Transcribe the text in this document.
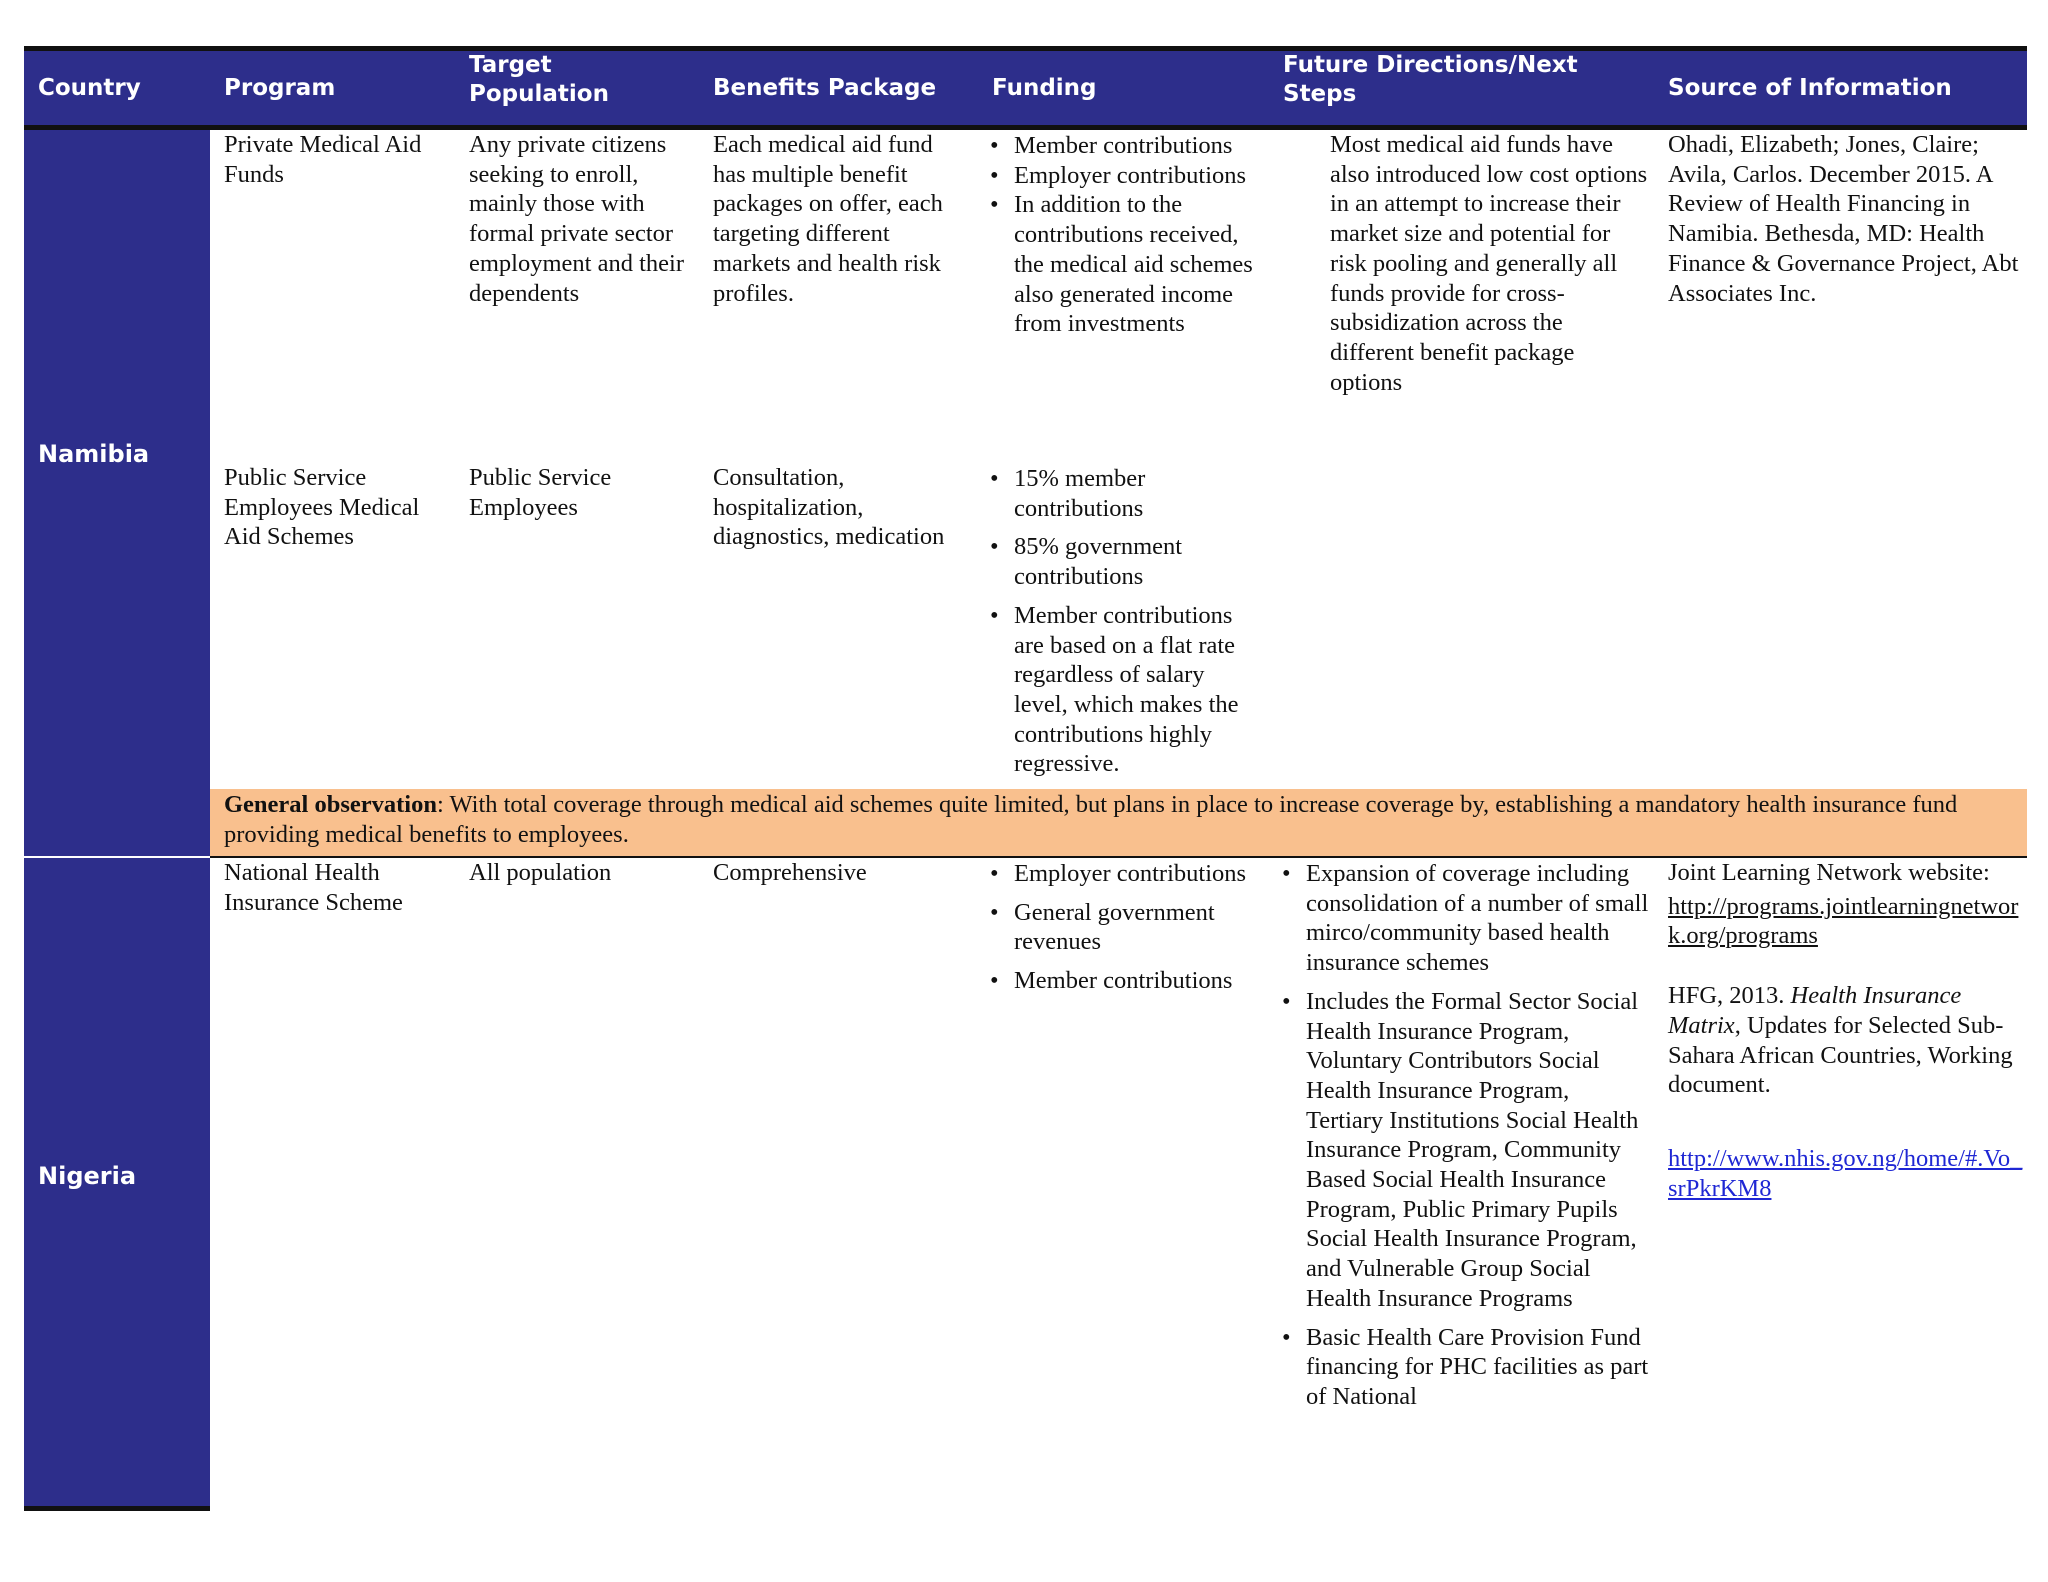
Country	Program
Target
Population	Benefits Package Funding
Future Directions/Next
Steps	Source of Information
Namibia
Nigeria
Private Medical Aid Funds
Any private citizens seeking to enroll, mainly those with formal private sector employment and their dependents
Each medical aid fund has multiple benefit packages on offer, each targeting different markets and health risk profiles.
• Member contributions
• Employer contributions
• In addition to the contributions received, the medical aid schemes also generated income from investments
Most medical aid funds have also introduced low cost options in an attempt to increase their market size and potential for risk pooling and generally all funds provide for cross-subsidization across the different benefit package options
Ohadi, Elizabeth; Jones, Claire; Avila, Carlos. December 2015. A Review of Health Financing in Namibia. Bethesda, MD: Health Finance & Governance Project, Abt Associates Inc.
Public Service Employees Medical Aid Schemes
Public Service Employees
Consultation, hospitalization, diagnostics, medication
• 15% member contributions
• 85% government contributions
• Member contributions are based on a flat rate regardless of salary level, which makes the contributions highly regressive.
General observation: With total coverage through medical aid schemes quite limited, but plans in place to increase coverage by, establishing a mandatory health insurance fund providing medical benefits to employees.
National Health Insurance Scheme
All population	Comprehensive
•	Employer contributions
• General government revenues
• Member contributions
• Expansion of coverage including consolidation of a number of small mirco/community based health insurance schemes
• Includes the Formal Sector Social Health Insurance Program, Voluntary Contributors Social Health Insurance Program, Tertiary Institutions Social Health Insurance Program, Community Based Social Health Insurance Program, Public Primary Pupils Social Health Insurance Program, and Vulnerable Group Social Health Insurance Programs
• Basic Health Care Provision Fund financing for PHC facilities as part of National

Joint Learning Network website:

http://programs.jointlearningnetwork.org/programs

HFG, 2013. Health Insurance Matrix, Updates for Selected Sub-Sahara African Countries, Working document.

http://www.nhis.gov.ng/home/#.Vo_srPkrKM8
